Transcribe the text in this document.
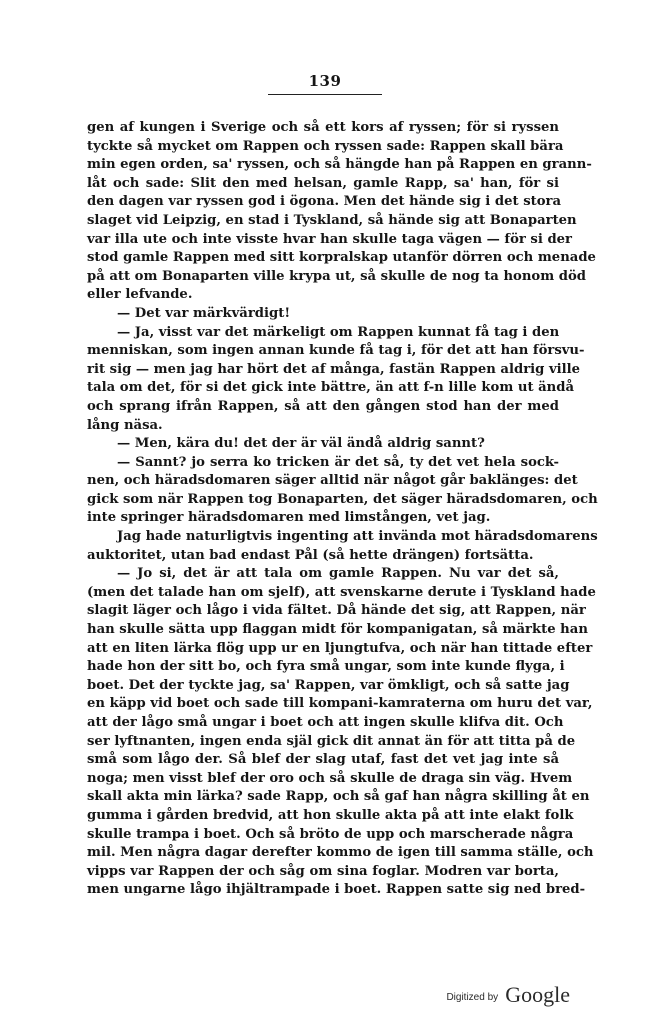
139
gen af kungen i Sverige och så ett kors af ryssen; för si ryssen
tyckte så mycket om Rappen och ryssen sade: Rappen skall bära
min egen orden, sa' ryssen, och så hängde han på Rappen en grann-
låt och sade: Slit den med helsan, gamle Rapp, sa' han, för si
den dagen var ryssen god i ögona. Men det hände sig i det stora
slaget vid Leipzig, en stad i Tyskland, så hände sig att Bonaparten
var illa ute och inte visste hvar han skulle taga vägen — för si der
stod gamle Rappen med sitt korpralskap utanför dörren och menade
på att om Bonaparten ville krypa ut, så skulle de nog ta honom död
eller lefvande.
— Det var märkvärdigt!
— Ja, visst var det märkeligt om Rappen kunnat få tag i den
menniskan, som ingen annan kunde få tag i, för det att han försvu-
rit sig — men jag har hört det af många, fastän Rappen aldrig ville
tala om det, för si det gick inte bättre, än att f-n lille kom ut ändå
och sprang ifrån Rappen, så att den gången stod han der med
lång näsa.
— Men, kära du! det der är väl ändå aldrig sannt?
— Sannt? jo serra ko tricken är det så, ty det vet hela sock-
nen, och häradsdomaren säger alltid när något går baklänges: det
gick som när Rappen tog Bonaparten, det säger häradsdomaren, och
inte springer häradsdomaren med limstången, vet jag.
Jag hade naturligtvis ingenting att invända mot häradsdomarens
auktoritet, utan bad endast Pål (så hette drängen) fortsätta.
— Jo si, det är att tala om gamle Rappen. Nu var det så,
(men det talade han om sjelf), att svenskarne derute i Tyskland hade
slagit läger och lågo i vida fältet. Då hände det sig, att Rappen, när
han skulle sätta upp flaggan midt för kompanigatan, så märkte han
att en liten lärka flög upp ur en ljungtufva, och när han tittade efter
hade hon der sitt bo, och fyra små ungar, som inte kunde flyga, i
boet. Det der tyckte jag, sa' Rappen, var ömkligt, och så satte jag
en käpp vid boet och sade till kompani-kamraterna om huru det var,
att der lågo små ungar i boet och att ingen skulle klifva dit. Och
ser lyftnanten, ingen enda själ gick dit annat än för att titta på de
små som lågo der. Så blef der slag utaf, fast det vet jag inte så
noga; men visst blef der oro och så skulle de draga sin väg. Hvem
skall akta min lärka? sade Rapp, och så gaf han några skilling åt en
gumma i gården bredvid, att hon skulle akta på att inte elakt folk
skulle trampa i boet. Och så bröto de upp och marscherade några
mil. Men några dagar derefter kommo de igen till samma ställe, och
vipps var Rappen der och såg om sina foglar. Modren var borta,
men ungarne lågo ihjältrampade i boet. Rappen satte sig ned bred-
Digitized by Google
